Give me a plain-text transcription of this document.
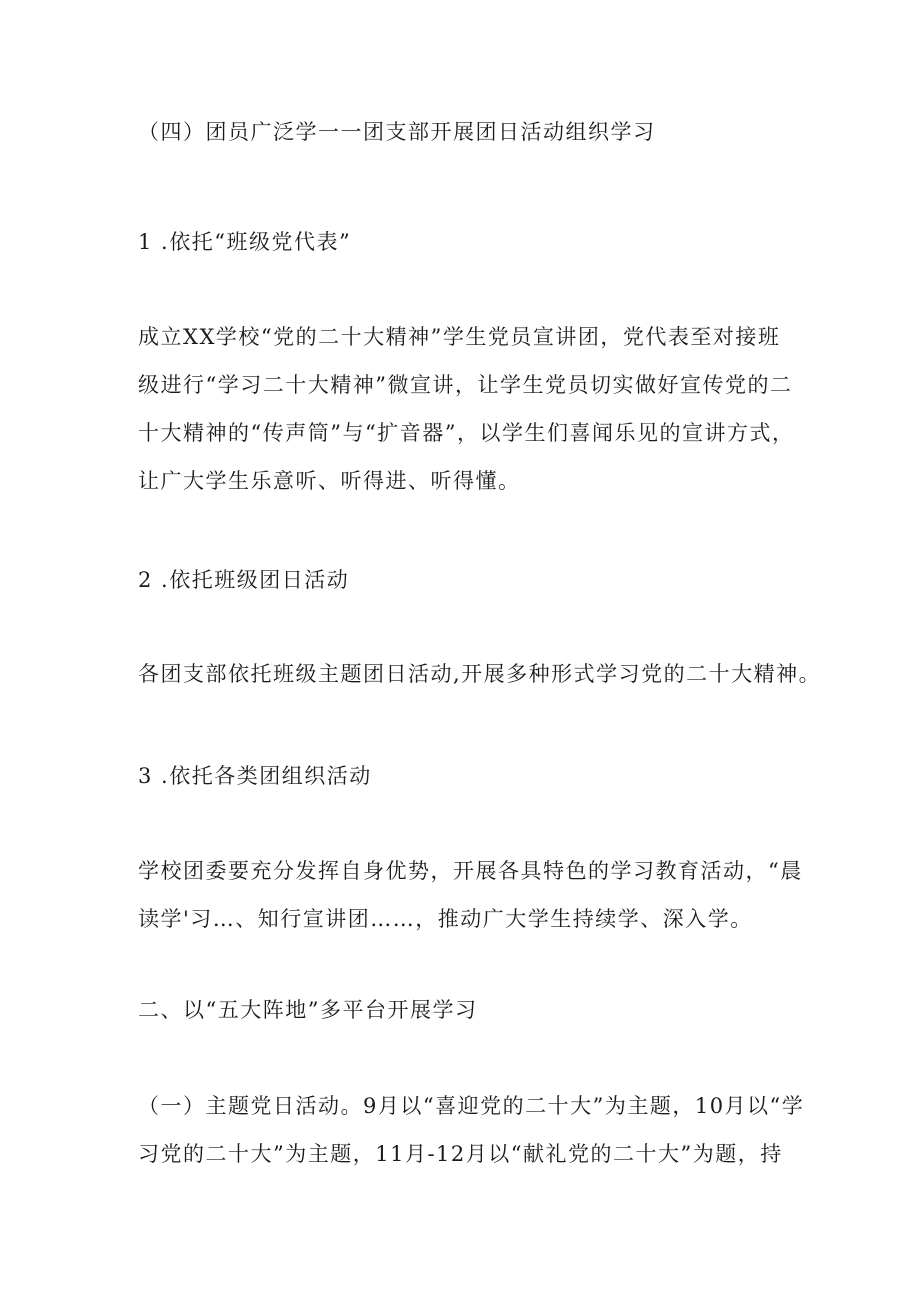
（四）团员广泛学一一团支部开展团日活动组织学习

1 .依托“班级党代表”

成立XX学校“党的二十大精神”学生党员宣讲团，党代表至对接班
级进行“学习二十大精神”微宣讲，让学生党员切实做好宣传党的二
十大精神的“传声筒”与“扩音器”，以学生们喜闻乐见的宣讲方式，
让广大学生乐意听、听得进、听得懂。

2 .依托班级团日活动

各团支部依托班级主题团日活动,开展多种形式学习党的二十大精神。

3 .依托各类团组织活动

学校团委要充分发挥自身优势，开展各具特色的学习教育活动，“晨
读学'习…、知行宣讲团……，推动广大学生持续学、深入学。

二、以“五大阵地”多平台开展学习

（一）主题党日活动。9月以“喜迎党的二十大”为主题，10月以“学
习党的二十大”为主题，11月-12月以“献礼党的二十大”为题，持
